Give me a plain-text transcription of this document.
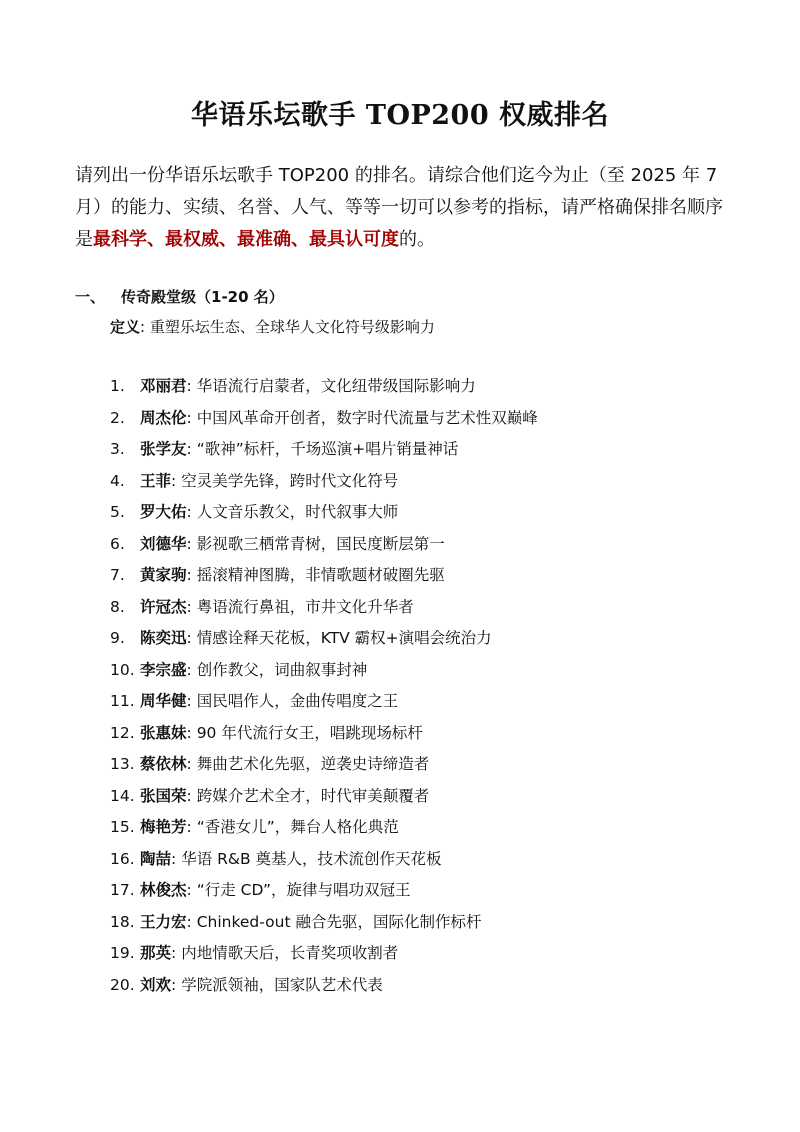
华语乐坛歌手 TOP200 权威排名

请列出一份华语乐坛歌手 TOP200 的排名。请综合他们迄今为止（至 2025 年 7 月）的能力、实绩、名誉、人气、等等一切可以参考的指标，请严格确保排名顺序是最科学、最权威、最准确、最具认可度的。

一、 传奇殿堂级（1-20 名）
定义: 重塑乐坛生态、全球华人文化符号级影响力
1. 邓丽君 :
华语流行启蒙者，文化纽带级国际影响力
2. 周杰伦 :
中国风革命开创者，数字时代流量与艺术性双巅峰
3. 张学友 :
“歌神”标杆，千场巡演+唱片销量神话
4. 王菲 :
空灵美学先锋，跨时代文化符号
5. 罗大佑 :
人文音乐教父，时代叙事大师
6. 刘德华 :
影视歌三栖常青树，国民度断层第一
7. 黄家驹 :
摇滚精神图腾，非情歌题材破圈先驱
8. 许冠杰 :
粤语流行鼻祖，市井文化升华者
9. 陈奕迅 :
情感诠释天花板，KTV 霸权+演唱会统治力
10. 李宗盛 :
创作教父，词曲叙事封神
11. 周华健 :
国民唱作人，金曲传唱度之王
12. 张惠妹 :
90 年代流行女王，唱跳现场标杆
13. 蔡依林 :
舞曲艺术化先驱，逆袭史诗缔造者
14. 张国荣 :
跨媒介艺术全才，时代审美颠覆者
15. 梅艳芳 :
“香港女儿”，舞台人格化典范
16. 陶喆 :
华语 R&B 奠基人，技术流创作天花板
17. 林俊杰 :
“行走 CD”，旋律与唱功双冠王
18. 王力宏 :
Chinked-out 融合先驱，国际化制作标杆
19. 那英 :
内地情歌天后，长青奖项收割者
20. 刘欢 :
学院派领袖，国家队艺术代表
